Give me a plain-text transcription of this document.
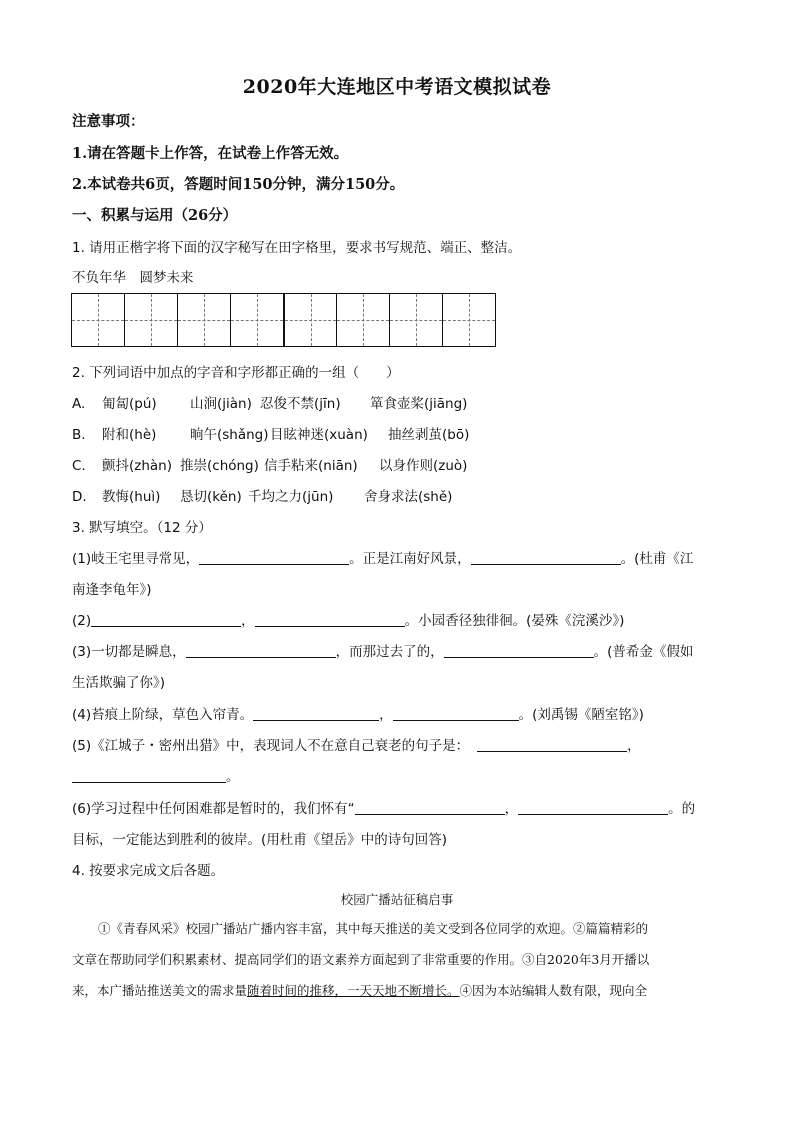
2020年大连地区中考语文模拟试卷
注意事项：
1.请在答题卡上作答，在试卷上作答无效。
2.本试卷共6页，答题时间150分钟，满分150分。
一、积累与运用（26分）
1. 请用正楷字将下面的汉字秘写在田字格里，要求书写规范、端正、整洁。
不负年华　圆梦未来
2. 下列词语中加点的字音和字形都正确的一组（　　）
A. 匍匐(pú) 山涧(jiàn) 忍俊不禁(jīn) 箪食壶桨(jiāng)
B. 附和(hè) 晌午(shǎng)目眩神迷(xuàn) 抽丝剥茧(bō)
C. 颤抖(zhàn) 推崇(chóng) 信手粘来(niān) 以身作则(zuò)
D. 教悔(huì) 恳切(kěn) 千均之力(jūn) 舍身求法(shě)
3. 默写填空。（12 分）
(1)岐王宅里寻常见，	。正是江南好风景，	。(杜甫《江
南逢李龟年》)
(2)	，	。小园香径独徘徊。(晏殊《浣溪沙》)
(3)一切都是瞬息，	，而那过去了的，	。(普希金《假如
生活欺骗了你》)
(4)苔痕上阶绿，草色入帘青。	，	。(刘禹锡《陋室铭》)
(5)《江城子・密州出猎》中，表现词人不在意自己衰老的句子是：	，
。
(6)学习过程中任何困难都是暂时的，我们怀有“	，	。的
目标，一定能达到胜利的彼岸。(用杜甫《望岳》中的诗句回答)
4. 按要求完成文后各题。
校园广播站征稿启事
①《青春风采》校园广播站广播内容丰富，其中每天推送的美文受到各位同学的欢迎。②篇篇精彩的
文章在帮助同学们积累素材、提高同学们的语文素养方面起到了非常重要的作用。③自2020年3月开播以
来，本广播站推送美文的需求量随着时间的推移，一天天地不断增长。④因为本站编辑人数有限，现向全
